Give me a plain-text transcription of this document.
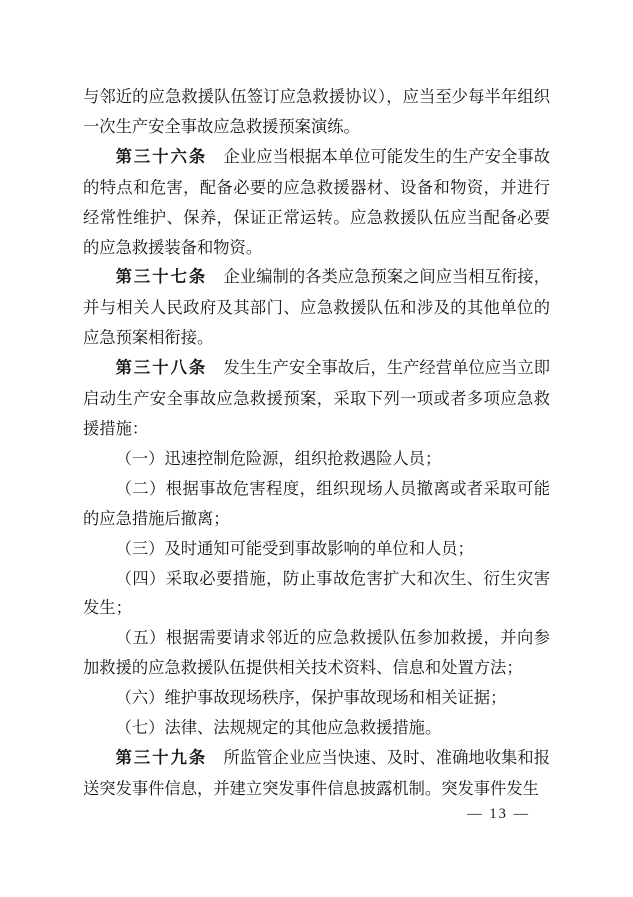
与邻近的应急救援队伍签订应急救援协议），应当至少每半年组织一次生产安全事故应急救援预案演练。

第三十六条　企业应当根据本单位可能发生的生产安全事故的特点和危害，配备必要的应急救援器材、设备和物资，并进行经常性维护、保养，保证正常运转。应急救援队伍应当配备必要的应急救援装备和物资。

第三十七条　企业编制的各类应急预案之间应当相互衔接，并与相关人民政府及其部门、应急救援队伍和涉及的其他单位的应急预案相衔接。

第三十八条　发生生产安全事故后，生产经营单位应当立即启动生产安全事故应急救援预案，采取下列一项或者多项应急救援措施：

（一）迅速控制危险源，组织抢救遇险人员；

（二）根据事故危害程度，组织现场人员撤离或者采取可能的应急措施后撤离；

（三）及时通知可能受到事故影响的单位和人员；

（四）采取必要措施，防止事故危害扩大和次生、衍生灾害发生；

（五）根据需要请求邻近的应急救援队伍参加救援，并向参加救援的应急救援队伍提供相关技术资料、信息和处置方法；

（六）维护事故现场秩序，保护事故现场和相关证据；

（七）法律、法规规定的其他应急救援措施。

第三十九条　所监管企业应当快速、及时、准确地收集和报送突发事件信息，并建立突发事件信息披露机制。突发事件发生

— 13 —
